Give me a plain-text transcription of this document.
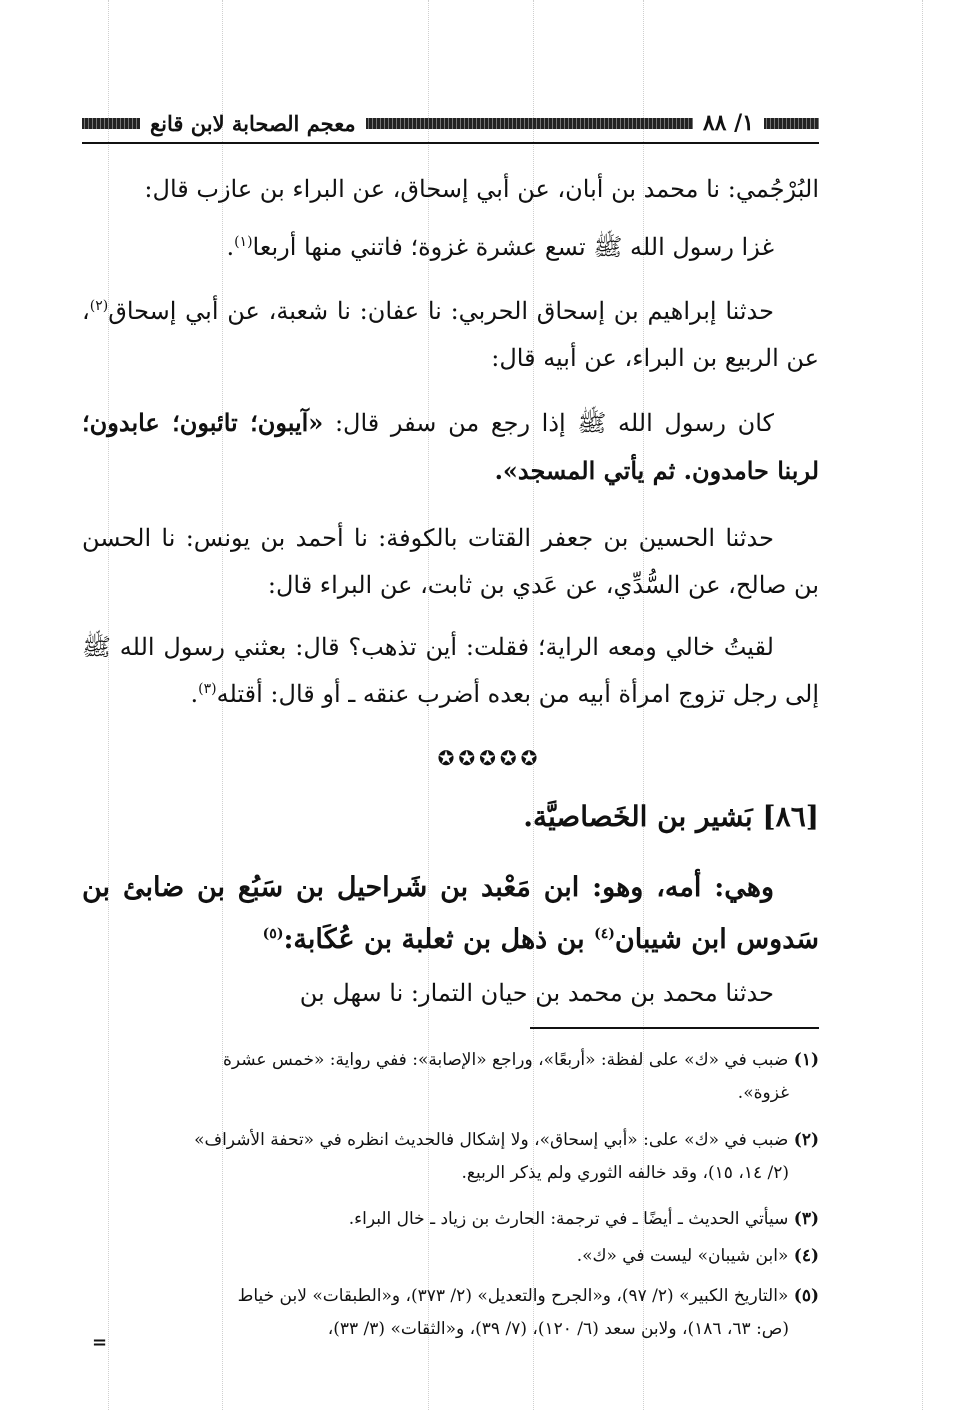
١/ ٨٨
معجم الصحابة لابن قانع
البُرْجُمي: نا محمد بن أبان، عن أبي إسحاق، عن البراء بن عازب قال:
غزا رسول الله ﷺ تسع عشرة غزوة؛ فاتني منها أربعا$^{(١)}$.
حدثنا إبراهيم بن إسحاق الحربي: نا عفان: نا شعبة، عن أبي إسحاق$^{(٢)}$، عن الربيع بن البراء، عن أبيه قال:
كان رسول الله ﷺ إذا رجع من سفر قال: «آيبون؛ تائبون؛ عابدون؛ لربنا حامدون. ثم يأتي المسجد».
حدثنا الحسين بن جعفر القتات بالكوفة: نا أحمد بن يونس: نا الحسن بن صالح، عن السُّدِّي، عن عَدي بن ثابت، عن البراء قال:
لقيتُ خالي ومعه الراية؛ فقلت: أين تذهب؟ قال: بعثني رسول الله ﷺ إلى رجل تزوج امرأة أبيه من بعده أضرب عنقه ـ أو قال: أقتله$^{(٣)}$.
✪✪✪✪✪
[٨٦] بَشير بن الخَصاصيَّة.
وهي: أمه، وهو: ابن مَعْبد بن شَراحيل بن سَبُع بن ضابئ بن سَدوس ابن شيبان$^{(٤)}$ بن ذهل بن ثعلبة بن عُكَابة:$^{(٥)}$
حدثنا محمد بن محمد بن حيان التمار: نا سهل بن
(١) ضبب في «ك» على لفظة: «أربعًا»، وراجع «الإصابة»: ففي رواية: «خمس عشرة
غزوة».
(٢) ضبب في «ك» على: «أبي إسحاق»، ولا إشكال فالحديث انظره في «تحفة الأشراف»
(٢/ ١٤، ١٥)، وقد خالفه الثوري ولم يذكر الربيع.
(٣) سيأتي الحديث ـ أيضًا ـ في ترجمة: الحارث بن زياد ـ خال البراء.
(٤) «ابن شيبان» ليست في «ك».
(٥) «التاريخ الكبير» (٢/ ٩٧)، و«الجرح والتعديل» (٢/ ٣٧٣)، و«الطبقات» لابن خياط
(ص: ٦٣، ١٨٦)، ولابن سعد (٦/ ١٢٠)، (٧/ ٣٩)، و«الثقات» (٣/ ٣٣)،
=
